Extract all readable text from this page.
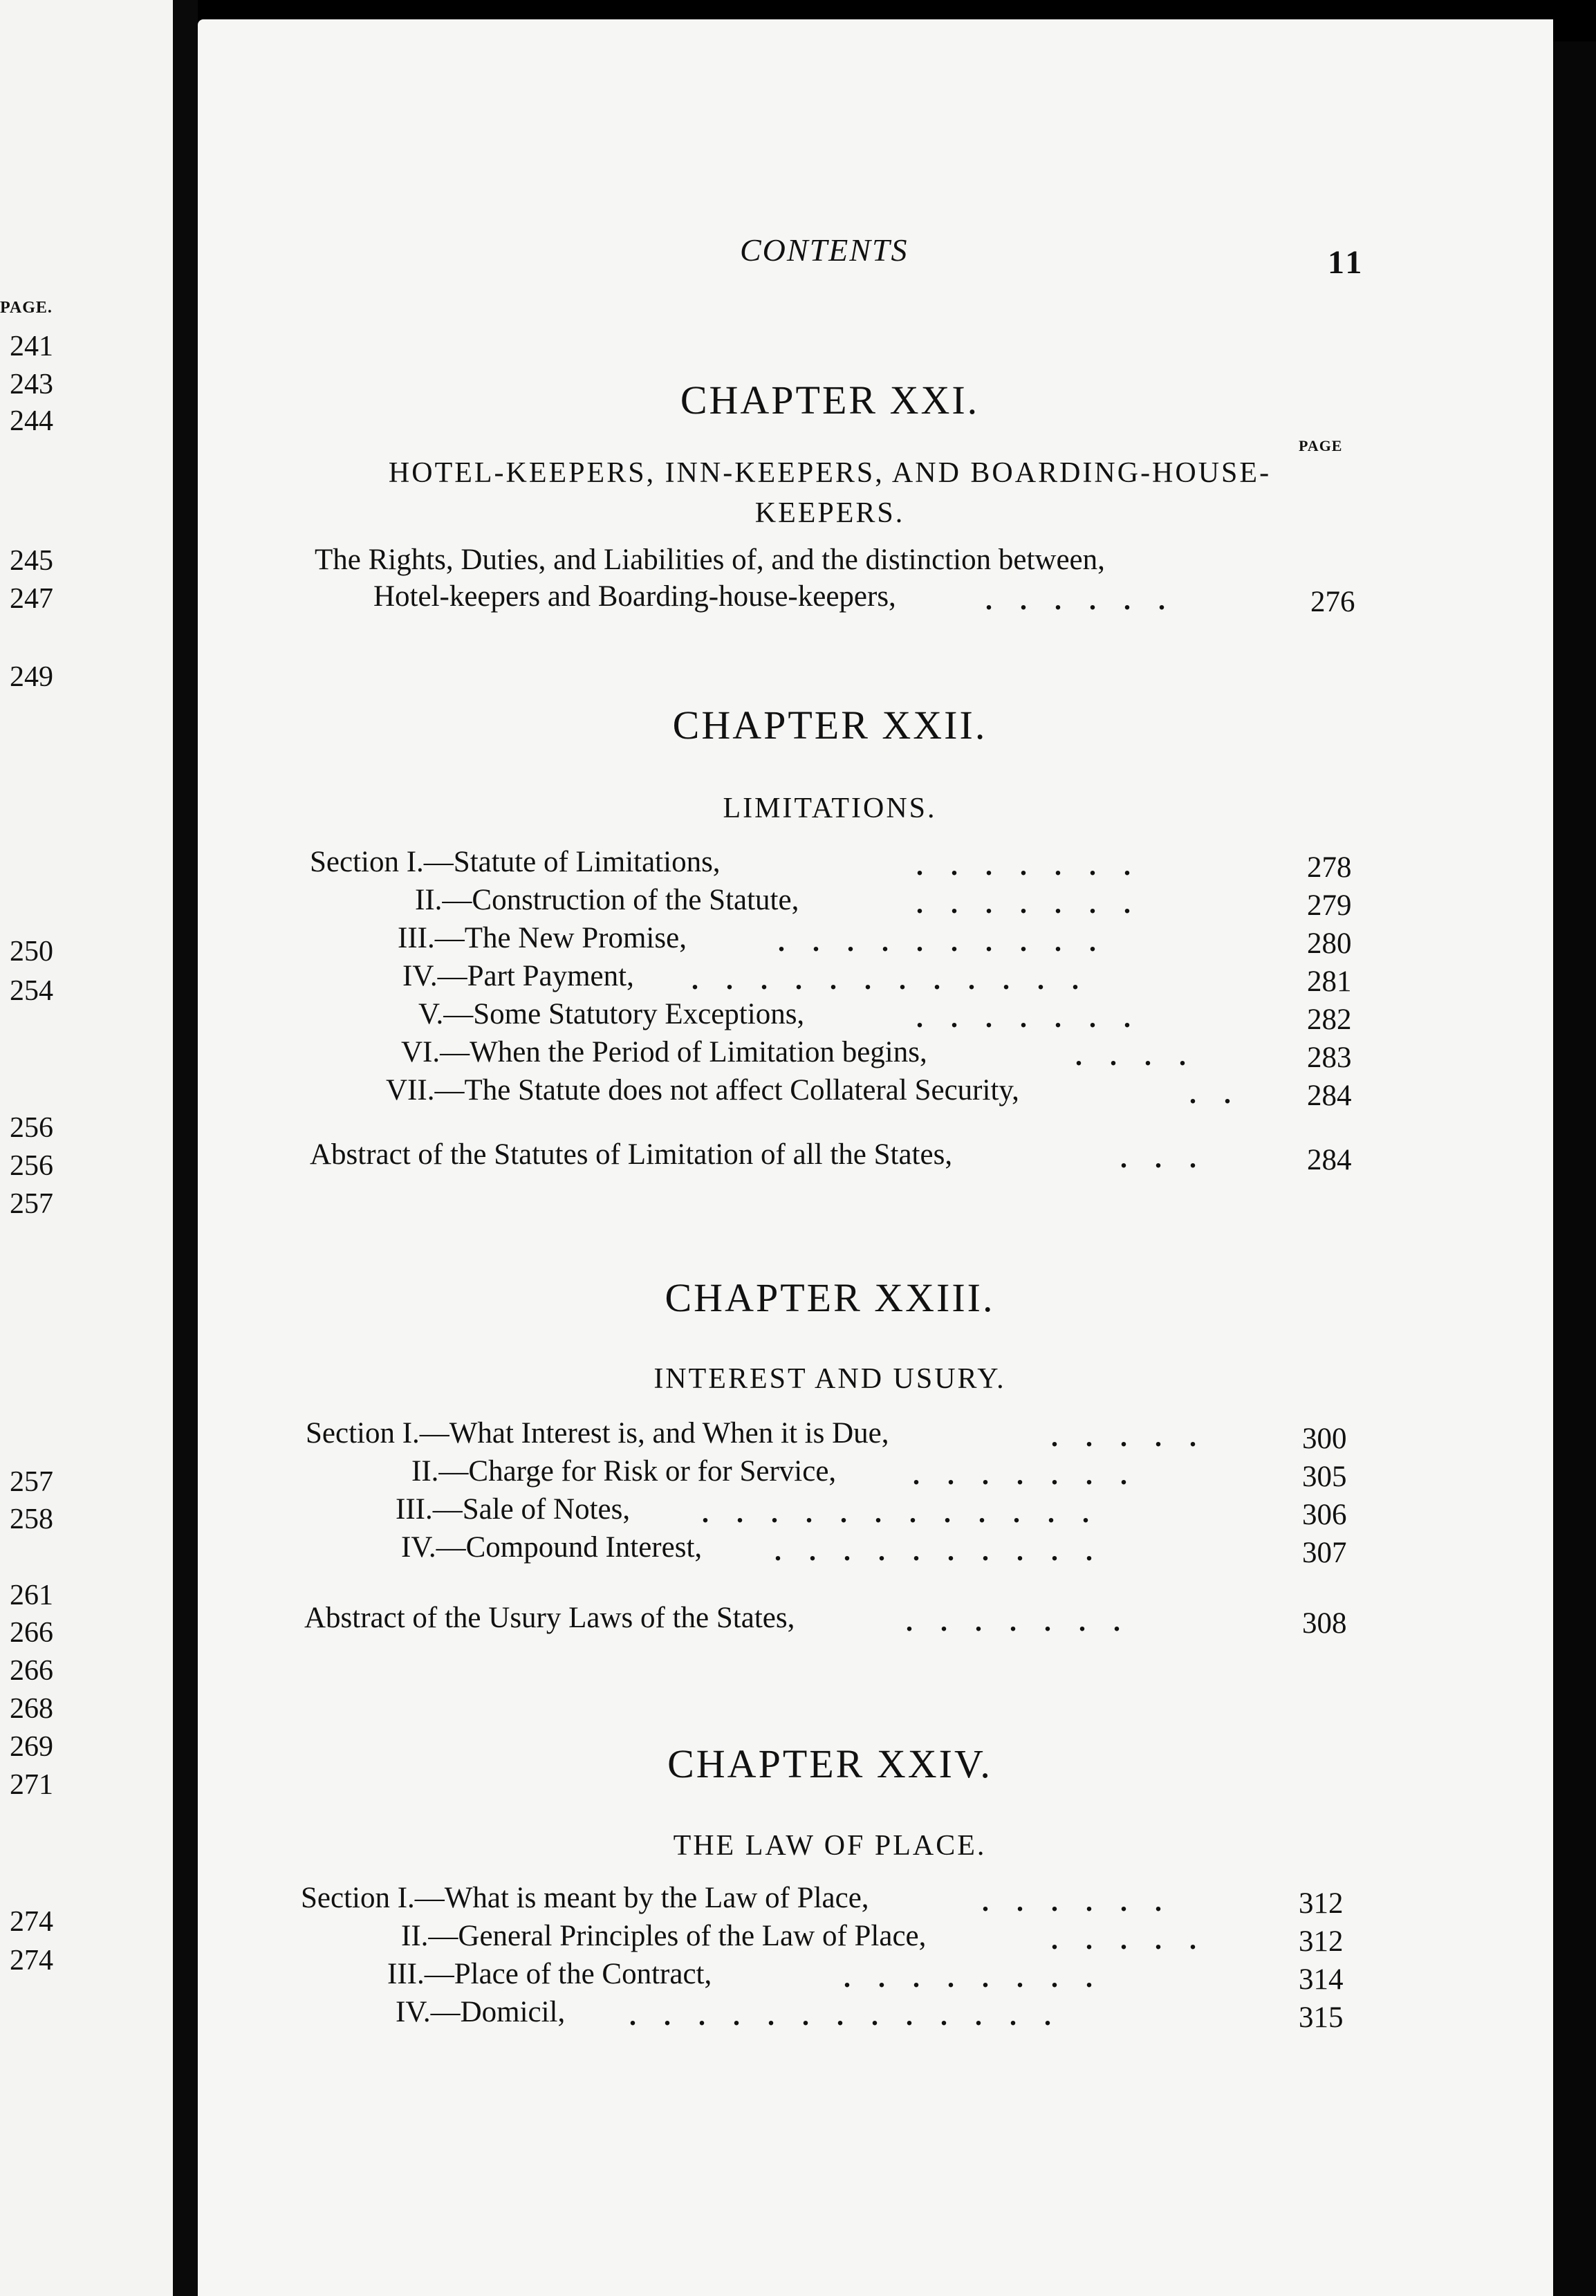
PAGE.
241
243
244
245
247
249
250
254
256
256
257
257
258
261
266
266
268
269
271
274
274
CONTENTS	11
CHAPTER XXI.
PAGE
HOTEL-KEEPERS, INN-KEEPERS, AND BOARDING-HOUSE-
KEEPERS.
The Rights, Duties, and Liabilities of, and the distinction between,
Hotel-keepers and Boarding-house-keepers,	.    .    .    .    .    .	276
CHAPTER XXII.
LIMITATIONS.
Section I.—Statute of Limitations,	.    .    .    .    .    .    .	278
II.—Construction of the Statute,	.    .    .    .    .    .    .	279
III.—The New Promise,	.    .    .    .    .    .    .    .    .    .	280
IV.—Part Payment, .    .    .    .    .    .    .    .    .    .    .    .	281
V.—Some Statutory Exceptions,	.    .    .    .    .    .    .	282
VI.—When the Period of Limitation begins,	.    .    .    .	283
VII.—The Statute does not affect Collateral Security,	.    .	284
Abstract of the Statutes of Limitation of all the States,	.    .    .	284
CHAPTER XXIII.
INTEREST AND USURY.
Section I.—What Interest is, and When it is Due,	.    .    .    .    .	300
II.—Charge for Risk or for Service,	.    .    .    .    .    .    .	305
III.—Sale of Notes,	.    .    .    .    .    .    .    .    .    .    .    .	306
IV.—Compound Interest,	.    .    .    .    .    .    .    .    .    .	307
Abstract of the Usury Laws of the States,	.    .    .    .    .    .    .	308
CHAPTER XXIV.
THE LAW OF PLACE.
Section I.—What is meant by the Law of Place,	.    .    .    .    .    .	312
II.—General Principles of the Law of Place,	.    .    .    .    .	312
III.—Place of the Contract,	.    .    .    .    .    .    .    .	314
IV.—Domicil, .    .    .    .    .    .    .    .    .    .    .    .    .	315
